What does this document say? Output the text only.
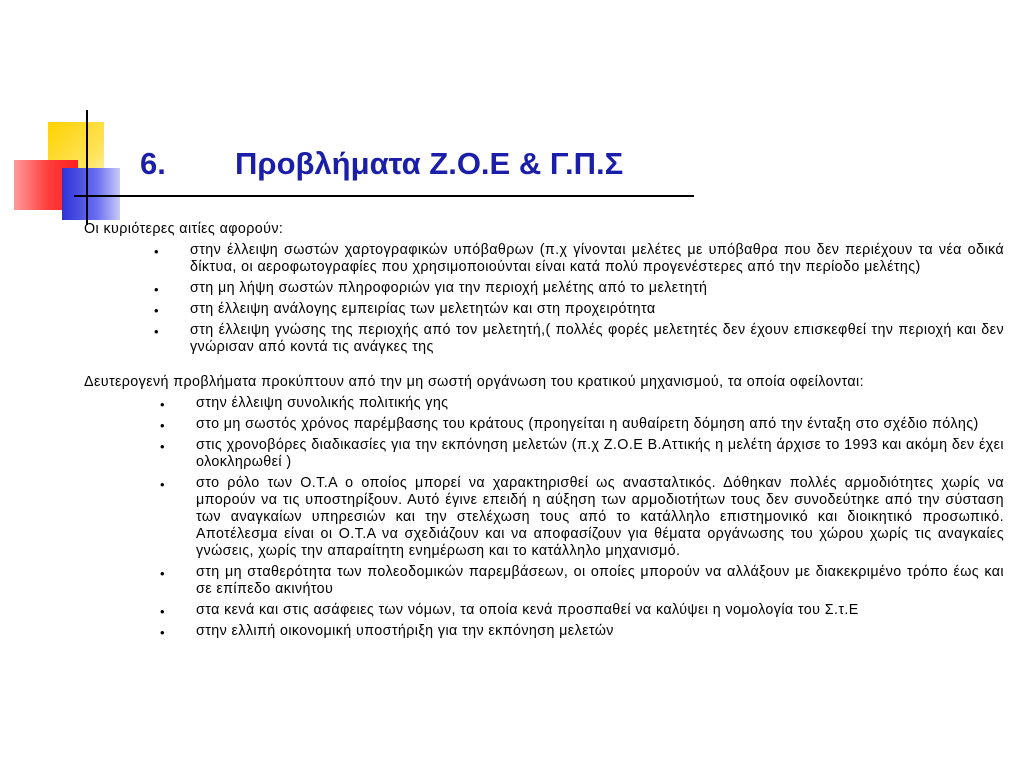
6. Προβλήματα Ζ.Ο.Ε & Γ.Π.Σ

Οι κυριότερες αιτίες αφορούν:

• στην έλλειψη σωστών χαρτογραφικών υπόβαθρων (π.χ γίνονται μελέτες με υπόβαθρα που δεν περιέχουν τα νέα οδικά δίκτυα, οι αεροφωτογραφίες που χρησιμοποιούνται είναι κατά πολύ προγενέστερες από την περίοδο μελέτης)
• στη μη λήψη σωστών πληροφοριών για την περιοχή μελέτης από το μελετητή
• στη έλλειψη ανάλογης εμπειρίας των μελετητών και στη προχειρότητα
• στη έλλειψη γνώσης της περιοχής από τον μελετητή,( πολλές φορές μελετητές δεν έχουν επισκεφθεί την περιοχή και δεν γνώρισαν από κοντά τις ανάγκες της

Δευτερογενή προβλήματα προκύπτουν από την μη σωστή οργάνωση του κρατικού μηχανισμού, τα οποία οφείλονται:

• στην έλλειψη συνολικής πολιτικής γης
• στο μη σωστός χρόνος παρέμβασης του κράτους (προηγείται η αυθαίρετη δόμηση από την ένταξη στο σχέδιο πόλης)
• στις χρονοβόρες διαδικασίες για την εκπόνηση μελετών (π.χ Ζ.Ο.Ε Β.Αττικής η μελέτη άρχισε το 1993 και ακόμη δεν έχει ολοκληρωθεί )
• στο ρόλο των Ο.Τ.Α ο οποίος μπορεί να χαρακτηρισθεί ως ανασταλτικός. Δόθηκαν πολλές αρμοδιότητες χωρίς να μπορούν να τις υποστηρίξουν. Αυτό έγινε επειδή η αύξηση των αρμοδιοτήτων τους δεν συνοδεύτηκε από την σύσταση των αναγκαίων υπηρεσιών και την στελέχωση τους από το κατάλληλο επιστημονικό και διοικητικό προσωπικό. Αποτέλεσμα είναι οι Ο.Τ.Α να σχεδιάζουν και να αποφασίζουν για θέματα οργάνωσης του χώρου χωρίς τις αναγκαίες γνώσεις, χωρίς την απαραίτητη ενημέρωση και το κατάλληλο μηχανισμό.
• στη μη σταθερότητα των πολεοδομικών παρεμβάσεων, οι οποίες μπορούν να αλλάξουν με διακεκριμένο τρόπο έως και σε επίπεδο ακινήτου
• στα κενά και στις ασάφειες των νόμων, τα οποία κενά προσπαθεί να καλύψει η νομολογία του Σ.τ.Ε
• στην ελλιπή οικονομική υποστήριξη για την εκπόνηση μελετών
